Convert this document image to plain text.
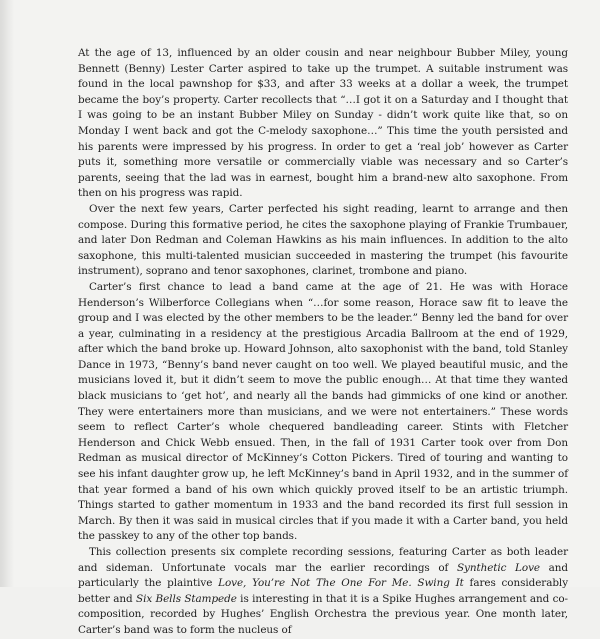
At the age of 13, influenced by an older cousin and near neighbour Bubber Miley, young Bennett (Benny) Lester Carter aspired to take up the trumpet. A suitable instrument was found in the local pawnshop for $33, and after 33 weeks at a dollar a week, the trumpet became the boy’s property. Carter recollects that “…I got it on a Saturday and I thought that I was going to be an instant Bubber Miley on Sunday - didn’t work quite like that, so on Monday I went back and got the C-melody saxophone…” This time the youth persisted and his parents were impressed by his progress. In order to get a ‘real job’ however as Carter puts it, something more versatile or commercially viable was necessary and so Carter’s parents, seeing that the lad was in earnest, bought him a brand-new alto saxophone. From then on his progress was rapid.

Over the next few years, Carter perfected his sight reading, learnt to arrange and then compose. During this formative period, he cites the saxophone playing of Frankie Trumbauer, and later Don Redman and Coleman Hawkins as his main influences. In addition to the alto saxophone, this multi-talented musician succeeded in mastering the trumpet (his favourite instrument), soprano and tenor saxophones, clarinet, trombone and piano.

Carter’s first chance to lead a band came at the age of 21. He was with Horace Henderson’s Wilberforce Collegians when “…for some reason, Horace saw fit to leave the group and I was elected by the other members to be the leader.” Benny led the band for over a year, culminating in a residency at the prestigious Arcadia Ballroom at the end of 1929, after which the band broke up. Howard Johnson, alto saxophonist with the band, told Stanley Dance in 1973, “Benny’s band never caught on too well. We played beautiful music, and the musicians loved it, but it didn’t seem to move the public enough… At that time they wanted black musicians to ‘get hot’, and nearly all the bands had gimmicks of one kind or another. They were entertainers more than musicians, and we were not entertainers.” These words seem to reflect Carter’s whole chequered bandleading career. Stints with Fletcher Henderson and Chick Webb ensued. Then, in the fall of 1931 Carter took over from Don Redman as musical director of McKinney’s Cotton Pickers. Tired of touring and wanting to see his infant daughter grow up, he left McKinney’s band in April 1932, and in the summer of that year formed a band of his own which quickly proved itself to be an artistic triumph. Things started to gather momentum in 1933 and the band recorded its first full session in March. By then it was said in musical circles that if you made it with a Carter band, you held the passkey to any of the other top bands.

This collection presents six complete recording sessions, featuring Carter as both leader and sideman. Unfortunate vocals mar the earlier recordings of Synthetic Love and particularly the plaintive Love, You’re Not The One For Me. Swing It fares considerably better and Six Bells Stampede is interesting in that it is a Spike Hughes arrangement and co-composition, recorded by Hughes’ English Orchestra the previous year. One month later, Carter’s band was to form the nucleus of
